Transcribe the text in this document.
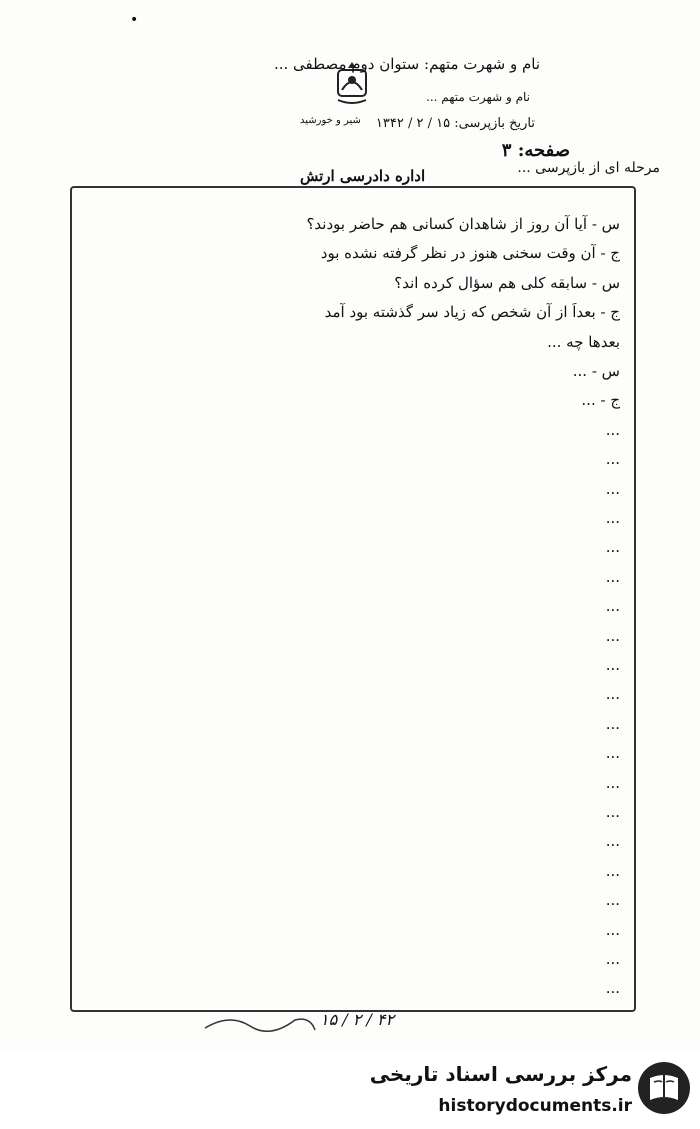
•
شیر و خورشید
نام و شهرت متهم: ستوان دوم مصطفی ...
نام و شهرت متهم ...
تاریخ بازپرسی: ۱۵ / ۲ / ۱۳۴۲
صفحه: ۳
اداره دادرسی ارتش	مرحله ای از بازپرسی ...
س - آیا آن روز از شاهدان کسانی هم حاضر بودند؟
ج - آن وقت سخنی هنوز در نظر گرفته نشده بود
س - سابقه کلی هم سؤال کرده اند؟
ج - بعداً از آن شخص که زیاد سر گذشته بود آمد
بعدها چه ...
س - ...
ج - ...
...
...
...
...
...
...
...
...
...
...
...
...
...
...
...
...
...
...
...
...
۱۵ / ۲ / ۴۲
مرکز بررسی اسناد تاریخی
historydocuments.ir
